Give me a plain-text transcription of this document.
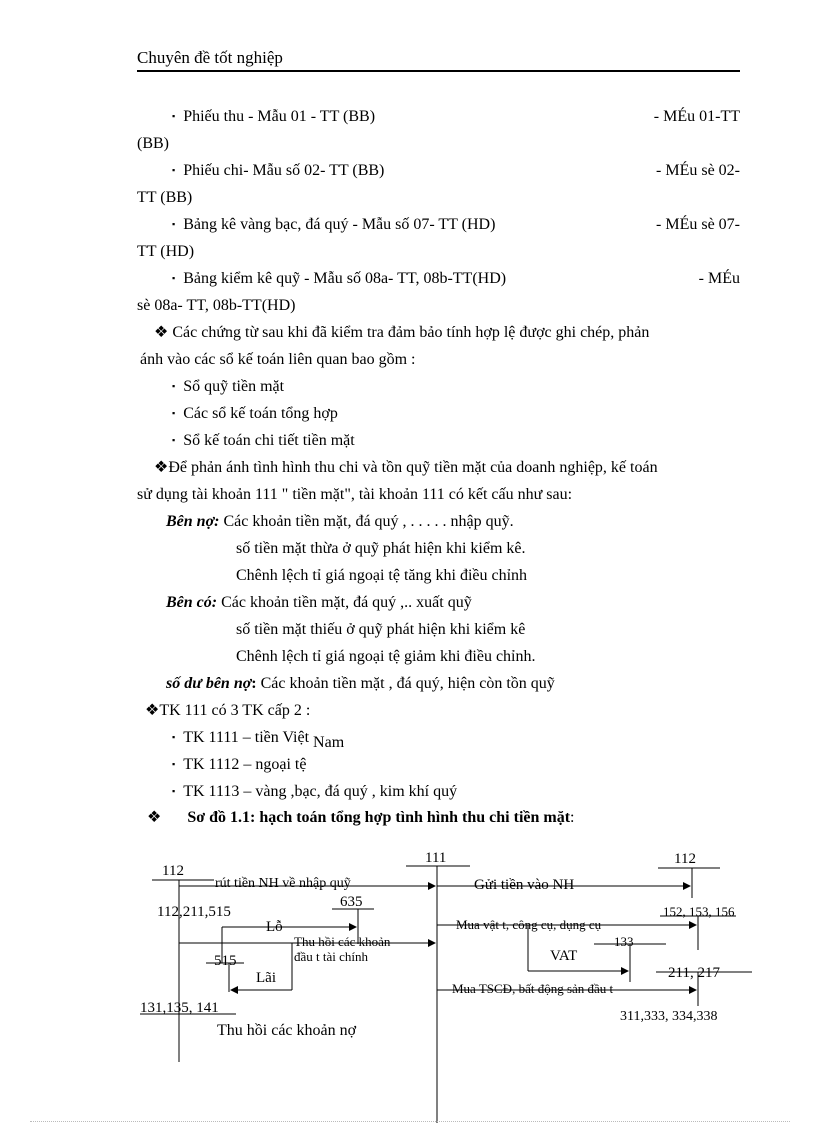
Chuyên đề tốt nghiệp
▪ Phiếu thu - Mẫu 01 - TT (BB)	- MÉu 01-TT
(BB)
▪ Phiếu chi- Mẫu số 02- TT (BB)	- MÉu sè 02-
TT (BB)
▪ Bảng kê vàng bạc, đá quý - Mẫu số 07- TT (HD)	- MÉu sè 07-
TT (HD)
▪ Bảng kiểm kê quỹ - Mẫu số 08a- TT, 08b-TT(HD)	- MÉu
sè 08a- TT, 08b-TT(HD)
❖ Các chứng từ sau khi đã kiểm tra đảm bảo tính hợp lệ được ghi chép, phản
ánh vào các sổ kế toán liên quan bao gồm :
▪ Sổ quỹ tiền mặt
▪ Các sổ kế toán tổng hợp
▪ Sổ kế toán chi tiết tiền mặt
❖Để phản ánh tình hình thu chi và tồn quỹ tiền mặt của doanh nghiệp, kế toán
sử dụng tài khoản 111 " tiền mặt", tài khoản 111 có kết cấu như sau:
Bên nợ: Các khoản tiền mặt, đá quý , . . . . . nhập quỹ.
số tiền mặt thừa ở quỹ phát hiện khi kiểm kê.
Chênh lệch tỉ giá ngoại tệ tăng khi điều chỉnh
Bên có: Các khoản tiền mặt, đá quý ,.. xuất quỹ
số tiền mặt thiếu ở quỹ phát hiện khi kiểm kê
Chênh lệch tỉ giá ngoại tệ giảm khi điều chỉnh.
số dư bên nợ: Các khoản tiền mặt , đá quý, hiện còn tồn quỹ
❖TK 111 có 3 TK cấp 2 :
▪ TK 1111 – tiền Việt Nam
▪ TK 1112 – ngoại tệ
▪ TK 1113 – vàng ,bạc, đá quý , kim khí quý
❖ Sơ đồ 1.1: hạch toán tổng hợp tình hình thu chi tiền mặt:
112
rút tiền NH về nhập quỹ
111
Gửi tiền vào NH
112
112,211,515
635
Lỗ
Thu hồi các khoản
đầu t tài chính
515
Lãi
131,135, 141
Thu hồi các khoản nợ
Mua vật t, công cụ, dụng cụ
152, 153, 156
133
VAT
211, 217
Mua TSCĐ, bất động sản đầu t
311,333, 334,338
